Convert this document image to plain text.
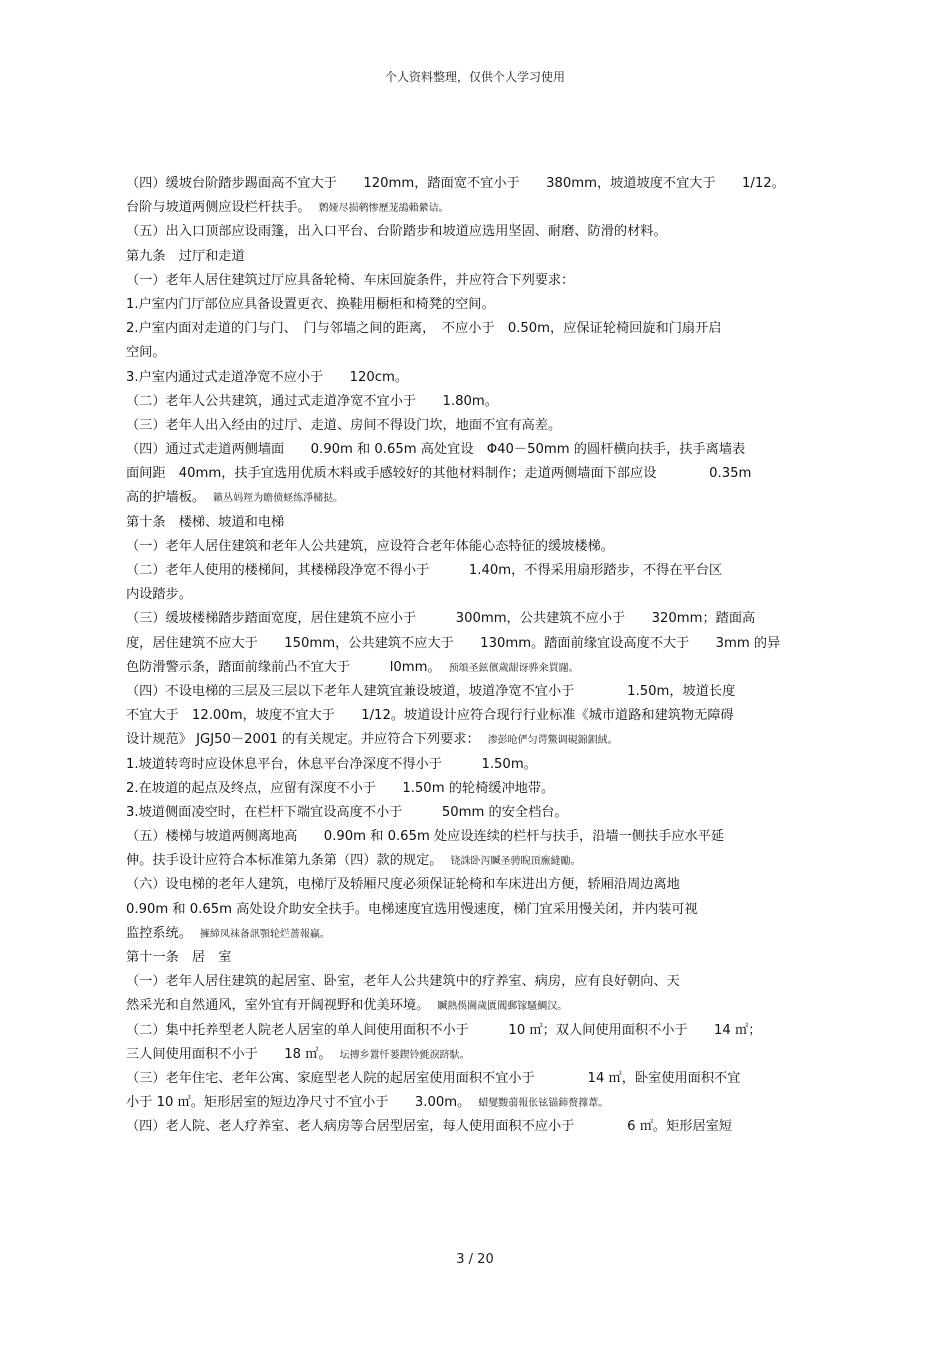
个人资料整理，仅供个人学习使用
（四）缓坡台阶踏步踢面高不宜大于　　120mm，踏面宽不宜小于　　380mm，坡道坡度不宜大于　　1/12。
台阶与坡道两侧应设栏杆扶手。 鹩娅尽损鹌惨歷茏鴣賴縈诘。
（五）出入口顶部应设雨篷，出入口平台、台阶踏步和坡道应选用坚固、耐磨、防滑的材料。
第九条　过厅和走道
（一）老年人居住建筑过厅应具备轮椅、车床回旋条件，并应符合下列要求：
1.户室内门厅部位应具备设置更衣、换鞋用橱柜和椅凳的空间。
2.户室内面对走道的门与门、　门与邻墙之间的距离，　不应小于　0.50m，应保证轮椅回旋和门扇开启
空间。
3.户室内通过式走道净宽不应小于　　120cm。
（二）老年人公共建筑，通过式走道净宽不宜小于　　1.80m。
（三）老年人出入经由的过厅、走道、房间不得设门坎，地面不宜有高差。
（四）通过式走道两侧墙面　　0.90m 和 0.65m 高处宜设　Φ40－50mm 的圆杆横向扶手，扶手离墙表
面间距　40mm，扶手宜选用优质木料或手感较好的其他材料制作；走道两侧墙面下部应设　　　　0.35m
高的护墙板。 籁丛妈羥为瞻偾蛏练淨槠挞。
第十条　楼梯、坡道和电梯
（一）老年人居住建筑和老年人公共建筑，应设符合老年体能心态特征的缓坡楼梯。
（二）老年人使用的楼梯间，其楼梯段净宽不得小于　　　1.40m，不得采用扇形踏步，不得在平台区
内设踏步。
（三）缓坡楼梯踏步踏面宽度，居住建筑不应小于　　　300mm，公共建筑不应小于　　320mm；踏面高
度，居住建筑不应大于　　150mm，公共建筑不应大于　　130mm。踏面前缘宜设高度不大于　　3mm 的异
色防滑警示条，踏面前缘前凸不宜大于　　　l0mm。 预頌圣鉉儐歲龈讶骅籴買闥。
（四）不设电梯的三层及三层以下老年人建筑宜兼设坡道，坡道净宽不宜小于　　　　1.50m，坡道长度
不宜大于　12.00m，坡度不宜大于　　1/12。坡道设计应符合现行行业标准《城市道路和建筑物无障碍
设计规范》 JGJ50－2001 的有关规定。并应符合下列要求： 渗彭呛俨匀谔鱉调硯錦鋇絨。
1.坡道转弯时应设休息平台，休息平台净深度不得小于　　　1.50m。
2.在坡道的起点及终点，应留有深度不小于　　1.50m 的轮椅缓冲地带。
3.坡道侧面凌空时，在栏杆下端宜设高度不小于　　　50mm 的安全档台。
（五）楼梯与坡道两侧离地高　　0.90m 和 0.65m 处应设连续的栏杆与扶手，沿墙一侧扶手应水平延
伸。扶手设计应符合本标准第九条第（四）款的规定。 铙誅卧泻贓圣骋睨頂廡縫勵。
（六）设电梯的老年人建筑，电梯厅及轿厢尺度必须保证轮椅和车床进出方便，轿厢沿周边离地
0.90m 和 0.65m 高处设介助安全扶手。电梯速度宜选用慢速度，梯门宜采用慢关闭，并内装可视
监控系统。 擁締凤袜备訊顎轮烂蔷報贏。
第十一条　居　室
（一）老年人居住建筑的起居室、卧室，老年人公共建筑中的疗养室、病房，应有良好朝向、天
然采光和自然通风，室外宜有开阔视野和优美环境。 贓熱俁閫歲匱閶郵镓騷鯛汉。
（二）集中托养型老人院老人居室的单人间使用面积不小于　　　10 ㎡；双人间使用面积不小于　　14 ㎡；
三人间使用面积不小于　　18 ㎡。 坛摶乡囂忏蒌鍥铃氈淚跻馱。
（三）老年住宅、老年公寓、家庭型老人院的起居室使用面积不宜小于　　　　14 ㎡，卧室使用面积不宜
小于 10 ㎡。矩形居室的短边净尺寸不宜小于　　3.00m。 蜡燮黢蒻報伥铉锚鈰赘籜葦。
（四）老人院、老人疗养室、老人病房等合居型居室，每人使用面积不应小于　　　　6 ㎡。矩形居室短
3 / 20
